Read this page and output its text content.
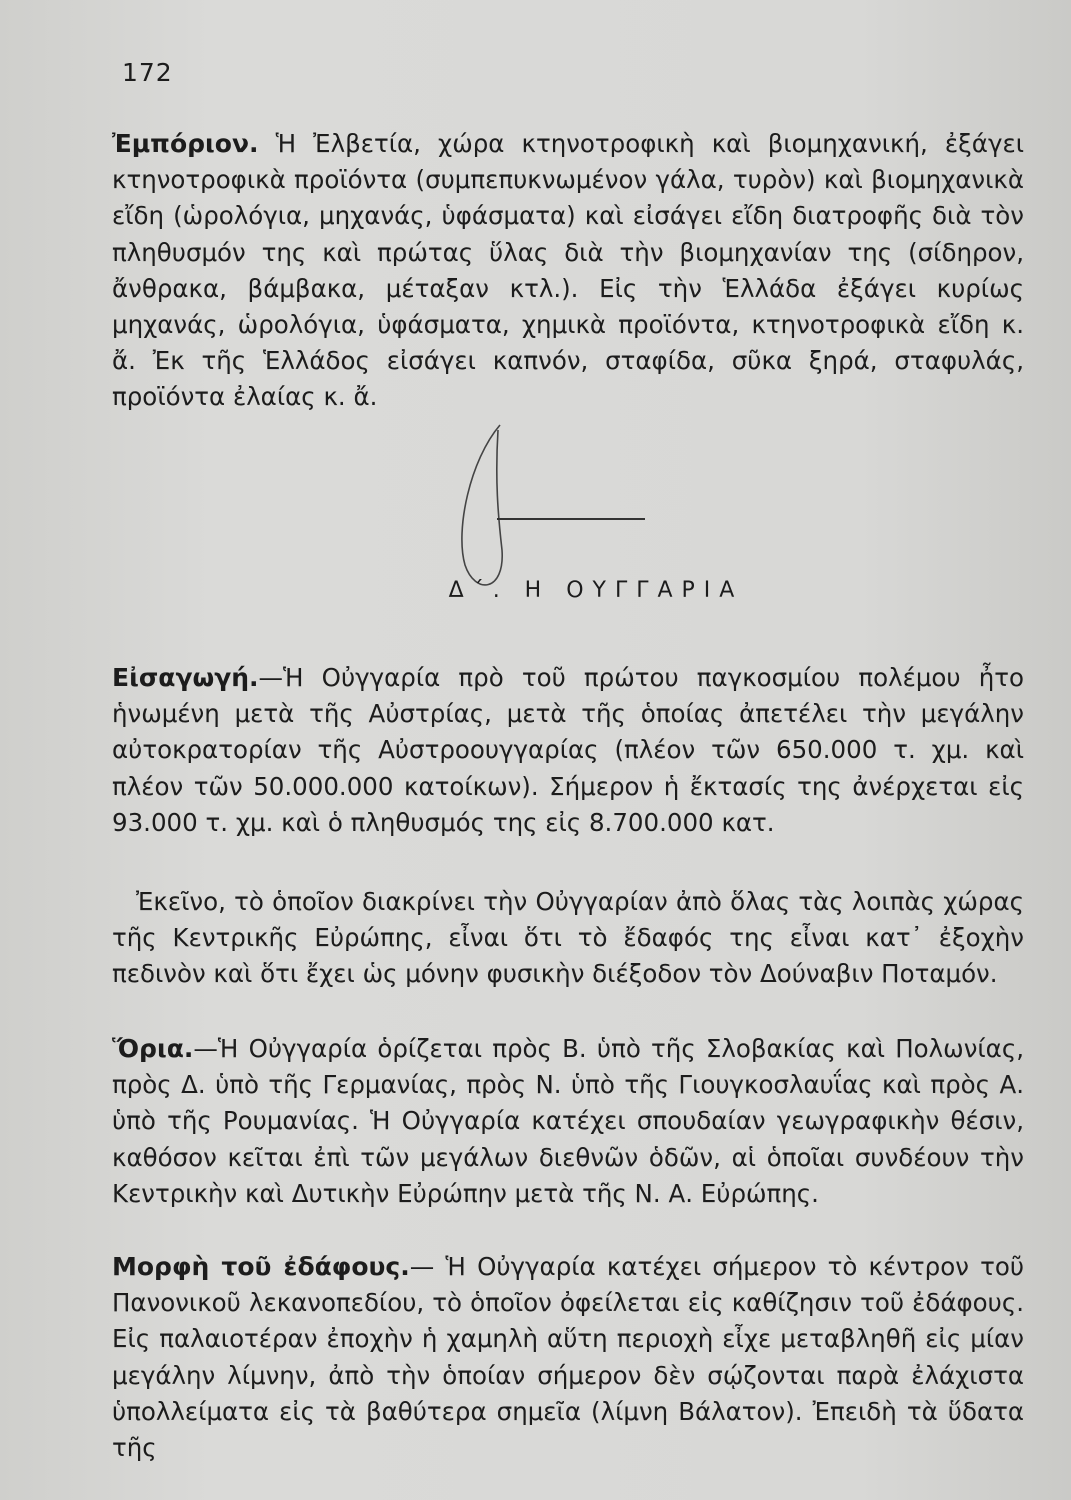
172

Ἐμπόριον. Ἡ Ἐλβετία, χώρα κτηνοτροφικὴ καὶ βιομηχανική, ἐξάγει κτηνοτροφικὰ προϊόντα (συμπεπυκνωμένον γάλα, τυρὸν) καὶ βιομηχανικὰ εἴδη (ὡρολόγια, μηχανάς, ὑφάσματα) καὶ εἰσάγει εἴδη διατροφῆς διὰ τὸν πληθυσμόν της καὶ πρώτας ὕλας διὰ τὴν βιομηχανίαν της (σίδηρον, ἄνθρακα, βάμβακα, μέταξαν κτλ.). Εἰς τὴν Ἑλλάδα ἐξάγει κυρίως μηχανάς, ὡρολόγια, ὑφάσματα, χημικὰ προϊόντα, κτηνοτροφικὰ εἴδη κ. ἄ. Ἐκ τῆς Ἑλλάδος εἰσάγει καπνόν, σταφίδα, σῦκα ξηρά, σταφυλάς, προϊόντα ἐλαίας κ. ἄ.

Δ΄. Η ΟΥΓΓΑΡΙΑ

Εἰσαγωγή.—Ἡ Οὐγγαρία πρὸ τοῦ πρώτου παγκοσμίου πολέμου ἦτο ἡνωμένη μετὰ τῆς Αὐστρίας, μετὰ τῆς ὁποίας ἀπετέλει τὴν μεγάλην αὐτοκρατορίαν τῆς Αὐστροουγγαρίας (πλέον τῶν 650.000 τ. χμ. καὶ πλέον τῶν 50.000.000 κατοίκων). Σήμερον ἡ ἔκτασίς της ἀνέρχεται εἰς 93.000 τ. χμ. καὶ ὁ πληθυσμός της εἰς 8.700.000 κατ.

Ἐκεῖνο, τὸ ὁποῖον διακρίνει τὴν Οὐγγαρίαν ἀπὸ ὅλας τὰς λοιπὰς χώρας τῆς Κεντρικῆς Εὐρώπης, εἶναι ὅτι τὸ ἔδαφός της εἶναι κατ᾿ ἐξοχὴν πεδινὸν καὶ ὅτι ἔχει ὡς μόνην φυσικὴν διέξοδον τὸν Δούναβιν Ποταμόν.

Ὅρια.—Ἡ Οὐγγαρία ὁρίζεται πρὸς Β. ὑπὸ τῆς Σλοβακίας καὶ Πολωνίας, πρὸς Δ. ὑπὸ τῆς Γερμανίας, πρὸς Ν. ὑπὸ τῆς Γιουγκοσλαυΐας καὶ πρὸς Α. ὑπὸ τῆς Ρουμανίας. Ἡ Οὐγγαρία κατέχει σπουδαίαν γεωγραφικὴν θέσιν, καθόσον κεῖται ἐπὶ τῶν μεγάλων διεθνῶν ὁδῶν, αἱ ὁποῖαι συνδέουν τὴν Κεντρικὴν καὶ Δυτικὴν Εὐρώπην μετὰ τῆς Ν. Α. Εὐρώπης.

Μορφὴ τοῦ ἐδάφους.— Ἡ Οὐγγαρία κατέχει σήμερον τὸ κέντρον τοῦ Πανονικοῦ λεκανοπεδίου, τὸ ὁποῖον ὀφείλεται εἰς καθίζησιν τοῦ ἐδάφους. Εἰς παλαιοτέραν ἐποχὴν ἡ χαμηλὴ αὕτη περιοχὴ εἶχε μεταβληθῆ εἰς μίαν μεγάλην λίμνην, ἀπὸ τὴν ὁποίαν σήμερον δὲν σῴζονται παρὰ ἐλάχιστα ὑπολλείματα εἰς τὰ βαθύτερα σημεῖα (λίμνη Βάλατον). Ἐπειδὴ τὰ ὕδατα τῆς
